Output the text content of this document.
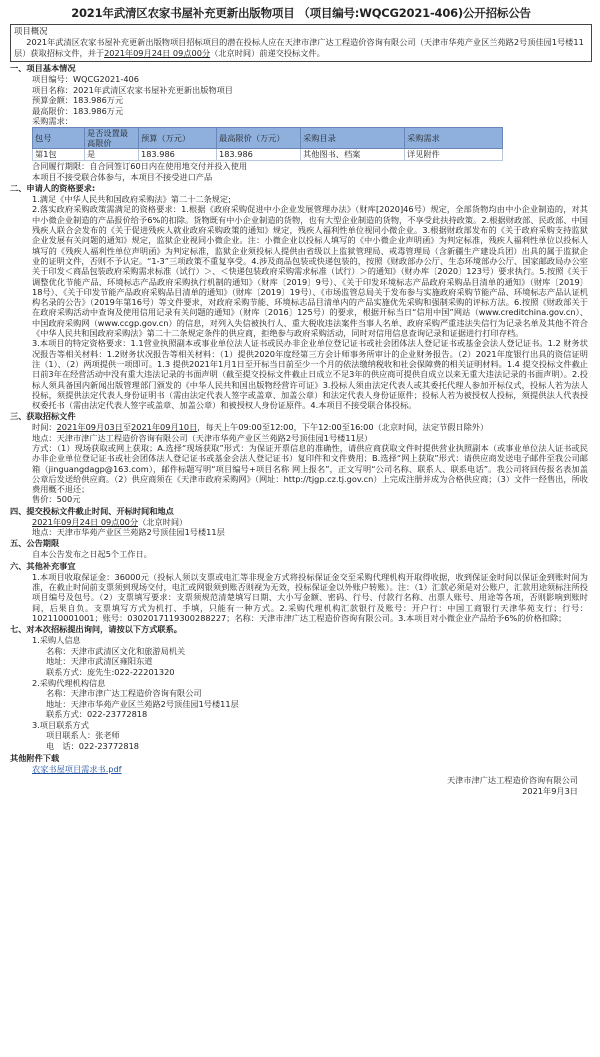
2021年武清区农家书屋补充更新出版物项目 （项目编号:WQCG2021-406)公开招标公告
项目概况
2021年武清区农家书屋补充更新出版物项目招标项目的潜在投标人应在天津市津广达工程造价咨询有限公司（天津市华苑产业区兰苑路2号顶佳园1号楼11层）获取招标文件，并于2021年09月24日 09点00分（北京时间）前递交投标文件。
一、项目基本情况
项目编号：WQCG2021-406
项目名称：2021年武清区农家书屋补充更新出版物项目
预算金额：183.986万元
最高限价：183.986万元
采购需求：
包号	是否设置最高限价	预算（万元）	最高限价（万元）	采购目录	采购需求
第1包	是	183.986	183.986	其他图书、档案	详见附件
合同履行期限：自合同签订60日内在使用地交付并投入使用
本项目不接受联合体参与，本项目不接受进口产品
二、申请人的资格要求:
1.满足《中华人民共和国政府采购法》第二十二条规定;
2.落实政府采购政策需满足的资格要求：1.根据《政府采购促进中小企业发展管理办法》（财库[2020]46号）规定，全部货物均由中小企业制造的，对其中小微企业制造的产品报价给予6%的扣除。货物既有中小企业制造的货物，也有大型企业制造的货物，不享受此扶持政策。2.根据财政部、民政部、中国残疾人联合会发布的《关于促进残疾人就业政府采购政策的通知》规定，残疾人福利性单位视同小微企业。3.根据财政部发布的《关于政府采购支持监狱企业发展有关问题的通知》规定，监狱企业视同小微企业。注：小微企业以投标人填写的《中小微企业声明函》为判定标准，残疾人福利性单位以投标人填写的《残疾人福利性单位声明函》为判定标准，监狱企业须投标人提供由省级以上监狱管理局、戒毒管理局（含新疆生产建设兵团）出具的属于监狱企业的证明文件，否则不予认定。“1-3”三项政策不重复享受。4.涉及商品包装或快递包装的，按照《财政部办公厅、生态环境部办公厅、国家邮政局办公室关于印发＜商品包装政府采购需求标准（试行）＞、＜快递包装政府采购需求标准（试行）＞的通知》（财办库〔2020〕123号）要求执行。5.按照《关于调整优化节能产品、环境标志产品政府采购执行机制的通知》（财库〔2019〕9号）、《关于印发环境标志产品政府采购品目清单的通知》（财库〔2019〕18号）、《关于印发节能产品政府采购品目清单的通知》（财库〔2019〕19号）、《市场监管总局关于发布参与实施政府采购节能产品、环境标志产品认证机构名录的公告》（2019年第16号）等文件要求，对政府采购节能、环境标志品目清单内的产品实施优先采购和强制采购的评标方法。6.按照《财政部关于在政府采购活动中查询及使用信用记录有关问题的通知》（财库〔2016〕125号）的要求，根据开标当日“信用中国”网站（www.creditchina.gov.cn）、中国政府采购网（www.ccgp.gov.cn）的信息，对列入失信被执行人、重大税收违法案件当事人名单、政府采购严重违法失信行为记录名单及其他不符合《中华人民共和国政府采购法》第二十二条规定条件的供应商，拒绝参与政府采购活动，同时对信用信息查询记录和证据进行打印存档。
3.本项目的特定资格要求：1.1营业执照副本或事业单位法人证书或民办非企业单位登记证书或社会团体法人登记证书或基金会法人登记证书。1.2 财务状况报告等相关材料：1.2财务状况报告等相关材料：（1）提供2020年度经第三方会计师事务所审计的企业财务报告。（2）2021年度银行出具的资信证明 注（1）、（2）两项提供一项即可。1.3 提供2021年1月1日至开标当日前至少一个月的依法缴纳税收和社会保障费的相关证明材料。1.4 提交投标文件截止日前3年在经营活动中没有重大违法记录的书面声明（截至提交投标文件截止日成立不足3年的供应商可提供自成立以来无重大违法记录的书面声明）。2.投标人须具备国内新闻出版管理部门颁发的《中华人民共和国出版物经营许可证》3.投标人须由法定代表人或其委托代理人参加开标仪式，投标人若为法人投标，须提供法定代表人身份证明书（需由法定代表人签字或盖章、加盖公章）和法定代表人身份证原件；投标人若为被授权人投标，须提供法人代表授权委托书（需由法定代表人签字或盖章、加盖公章）和被授权人身份证原件。4.本项目不接受联合体投标。
三、获取招标文件
时间：2021年09月03日至2021年09月10日，每天上午09:00至12:00，下午12:00至16:00（北京时间，法定节假日除外）
地点：天津市津广达工程造价咨询有限公司（天津市华苑产业区兰苑路2号顶佳园1号楼11层）
方式：（1）现场获取或网上获取；A.选择“现场获取”形式：为保证开票信息的准确性，请供应商获取文件时提供营业执照副本（或事业单位法人证书或民办非企业单位登记证书或社会团体法人登记证书或基金会法人登记证书）复印件和文件费用；B.选择“网上获取”形式：请供应商发送电子邮件至我公司邮箱（jinguangdagp@163.com），邮件标题写明“项目编号+项目名称 网上报名”，正文写明“公司名称、联系人、联系电话”。我公司将回传报名表加盖公章后发送给供应商。（2）供应商须在《天津市政府采购网》（网址：http://tjgp.cz.tj.gov.cn）上完成注册并成为合格供应商；（3）文件一经售出，所收费用概不退还；
售价：500元
四、提交投标文件截止时间、开标时间和地点
2021年09月24日 09点00分（北京时间）
地点：天津市华苑产业区兰苑路2号顶佳园1号楼11层
五、公告期限
自本公告发布之日起5个工作日。
六、其他补充事宜
1.本项目收取保证金：36000元（投标人须以支票或电汇等非现金方式将投标保证金交至采购代理机构开取得收据，收到保证金时间以保证金到账时间为准，在截止时间前支票须到现场交付，电汇或网银须到账否则视为无效，投标保证金以外账户转账）。注：（1）汇款必须是对公账户，汇款用途须标注所投项目编号及包号。（2）支票填写要求：支票须规范清楚填写日期、大小写金额、密码、行号、付款行名称、出票人账号、用途等各项，否则影响到账时间，后果自负。支票填写方式为机打、手填，只能有一种方式。2.采购代理机构汇款银行及账号：开户行：中国工商银行天津华苑支行；行号：102110001001；账号：0302017119300288227；名称：天津市津广达工程造价咨询有限公司。3.本项目对小微企业产品给予6%的价格扣除；
七、对本次招标提出询问，请按以下方式联系。
1.采购人信息
名称：天津市武清区文化和旅游局机关
地址：天津市武清区雍阳东道
联系方式：庞先生:022-22201320
2.采购代理机构信息
名称：天津市津广达工程造价咨询有限公司
地址：天津市华苑产业区兰苑路2号顶佳园1号楼11层
联系方式：022-23772818
3.项目联系方式
项目联系人：张老师
电　话：022-23772818
其他附件下载
农家书屋项目需求书.pdf
天津市津广达工程造价咨询有限公司
2021年9月3日
